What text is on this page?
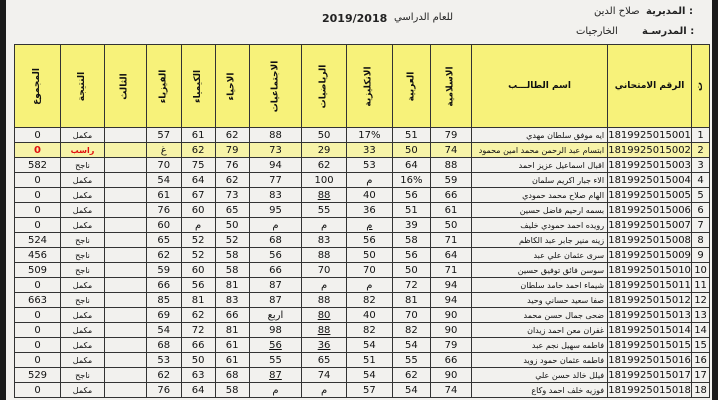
المديرية :
صلاح الدين
المدرسـة :
الخارجيات
2019/2018 للعام الدراسي
المجموع	النتيجة	الثالث	الفيزياء	الكيمياء	الاحياء	الاجتماعيات	الرياضيات	الانكليزية	العربية	الاسلامية	اسم الطالـــب	الرقم الامتحاني	ت
0	مكمل		57	61	62	88	50	17%	51	79	ايه موفق سلطان مهدي	1819925015001	1
0	راسب		غ	62	79	73	29	33	50	74	ابتسام عبد الرحمن محمد امين محمود	1819925015002	2
582	ناجح		70	75	76	94	62	53	64	88	اقبال اسماعيل عزيز احمد	1819925015003	3
0	مكمل		54	64	62	77	100	م	16%	59	الاء جبار اكريم سلمان	1819925015004	4
0	مكمل		61	67	73	83	88	40	56	66	الهام صلاح محمد حمودي	1819925015005	5
0	مكمل		76	60	65	95	55	36	51	61	بسمه ارحيم فاضل حسين	1819925015006	6
0	مكمل		60	م	50	م	م	م	39	50	رويده احمد حمودي خليف	1819925015007	7
524	ناجح		65	52	52	68	83	56	58	71	زينه منير جابر عبد الكاظم	1819925015008	8
456	ناجح		62	52	58	56	88	50	56	64	سرى عثمان علي عبد	1819925015009	9
509	ناجح		59	60	58	66	70	70	50	71	سوسن فائق توفيق حسين	1819925015010	10
0	مكمل		66	56	81	87	م	م	72	94	شيماء احمد حامد سلطان	1819925015011	11
663	ناجح		85	81	83	87	88	82	81	94	صفا سعيد حساني وحيد	1819925015012	12
0	مكمل		69	62	66	اربع	80	40	70	90	ضحى جمال حسن محمد	1819925015013	13
0	مكمل		54	72	81	98	88	82	82	90	غفران معن احمد زيدان	1819925015014	14
0	مكمل		68	66	61	56	36	54	54	79	فاطمه سهيل نجم عبد	1819925015015	15
0	مكمل		53	50	61	55	65	51	55	66	فاطمه عثمان حمود زويد	1819925015016	16
529	ناجح		62	63	68	87	74	54	62	90	فيلل خالد حسن علي	1819925015017	17
0	مكمل		76	64	58	م	م	57	54	74	فوزيه خلف احمد وكاع	1819925015018	18
